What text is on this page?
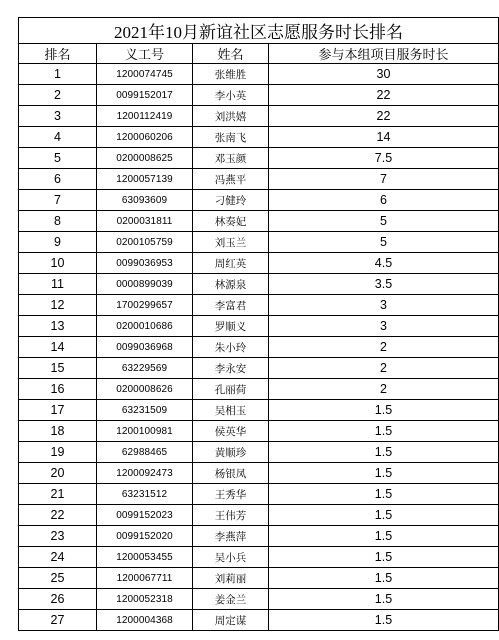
2021年10月新谊社区志愿服务时长排名			
排名	义工号	姓名	参与本组项目服务时长
1	1200074745	张维胜	30
2	0099152017	李小英	22
3	1200112419	刘洪嬉	22
4	1200060206	张南飞	14
5	0200008625	邓玉颜	7.5
6	1200057139	冯燕平	7
7	63093609	刁健玲	6
8	0200031811	林奏妃	5
9	0200105759	刘玉兰	5
10	0099036953	周红英	4.5
11	0000899039	林源泉	3.5
12	1700299657	李富君	3
13	0200010686	罗顺义	3
14	0099036968	朱小玲	2
15	63229569	李永安	2
16	0200008626	孔丽荷	2
17	63231509	吴相玉	1.5
18	1200100981	侯英华	1.5
19	62988465	黄顺珍	1.5
20	1200092473	杨银凤	1.5
21	63231512	王秀华	1.5
22	0099152023	王伟芳	1.5
23	0099152020	李燕萍	1.5
24	1200053455	吴小兵	1.5
25	1200067711	刘莉丽	1.5
26	1200052318	姜金兰	1.5
27	1200004368	周定谋	1.5
